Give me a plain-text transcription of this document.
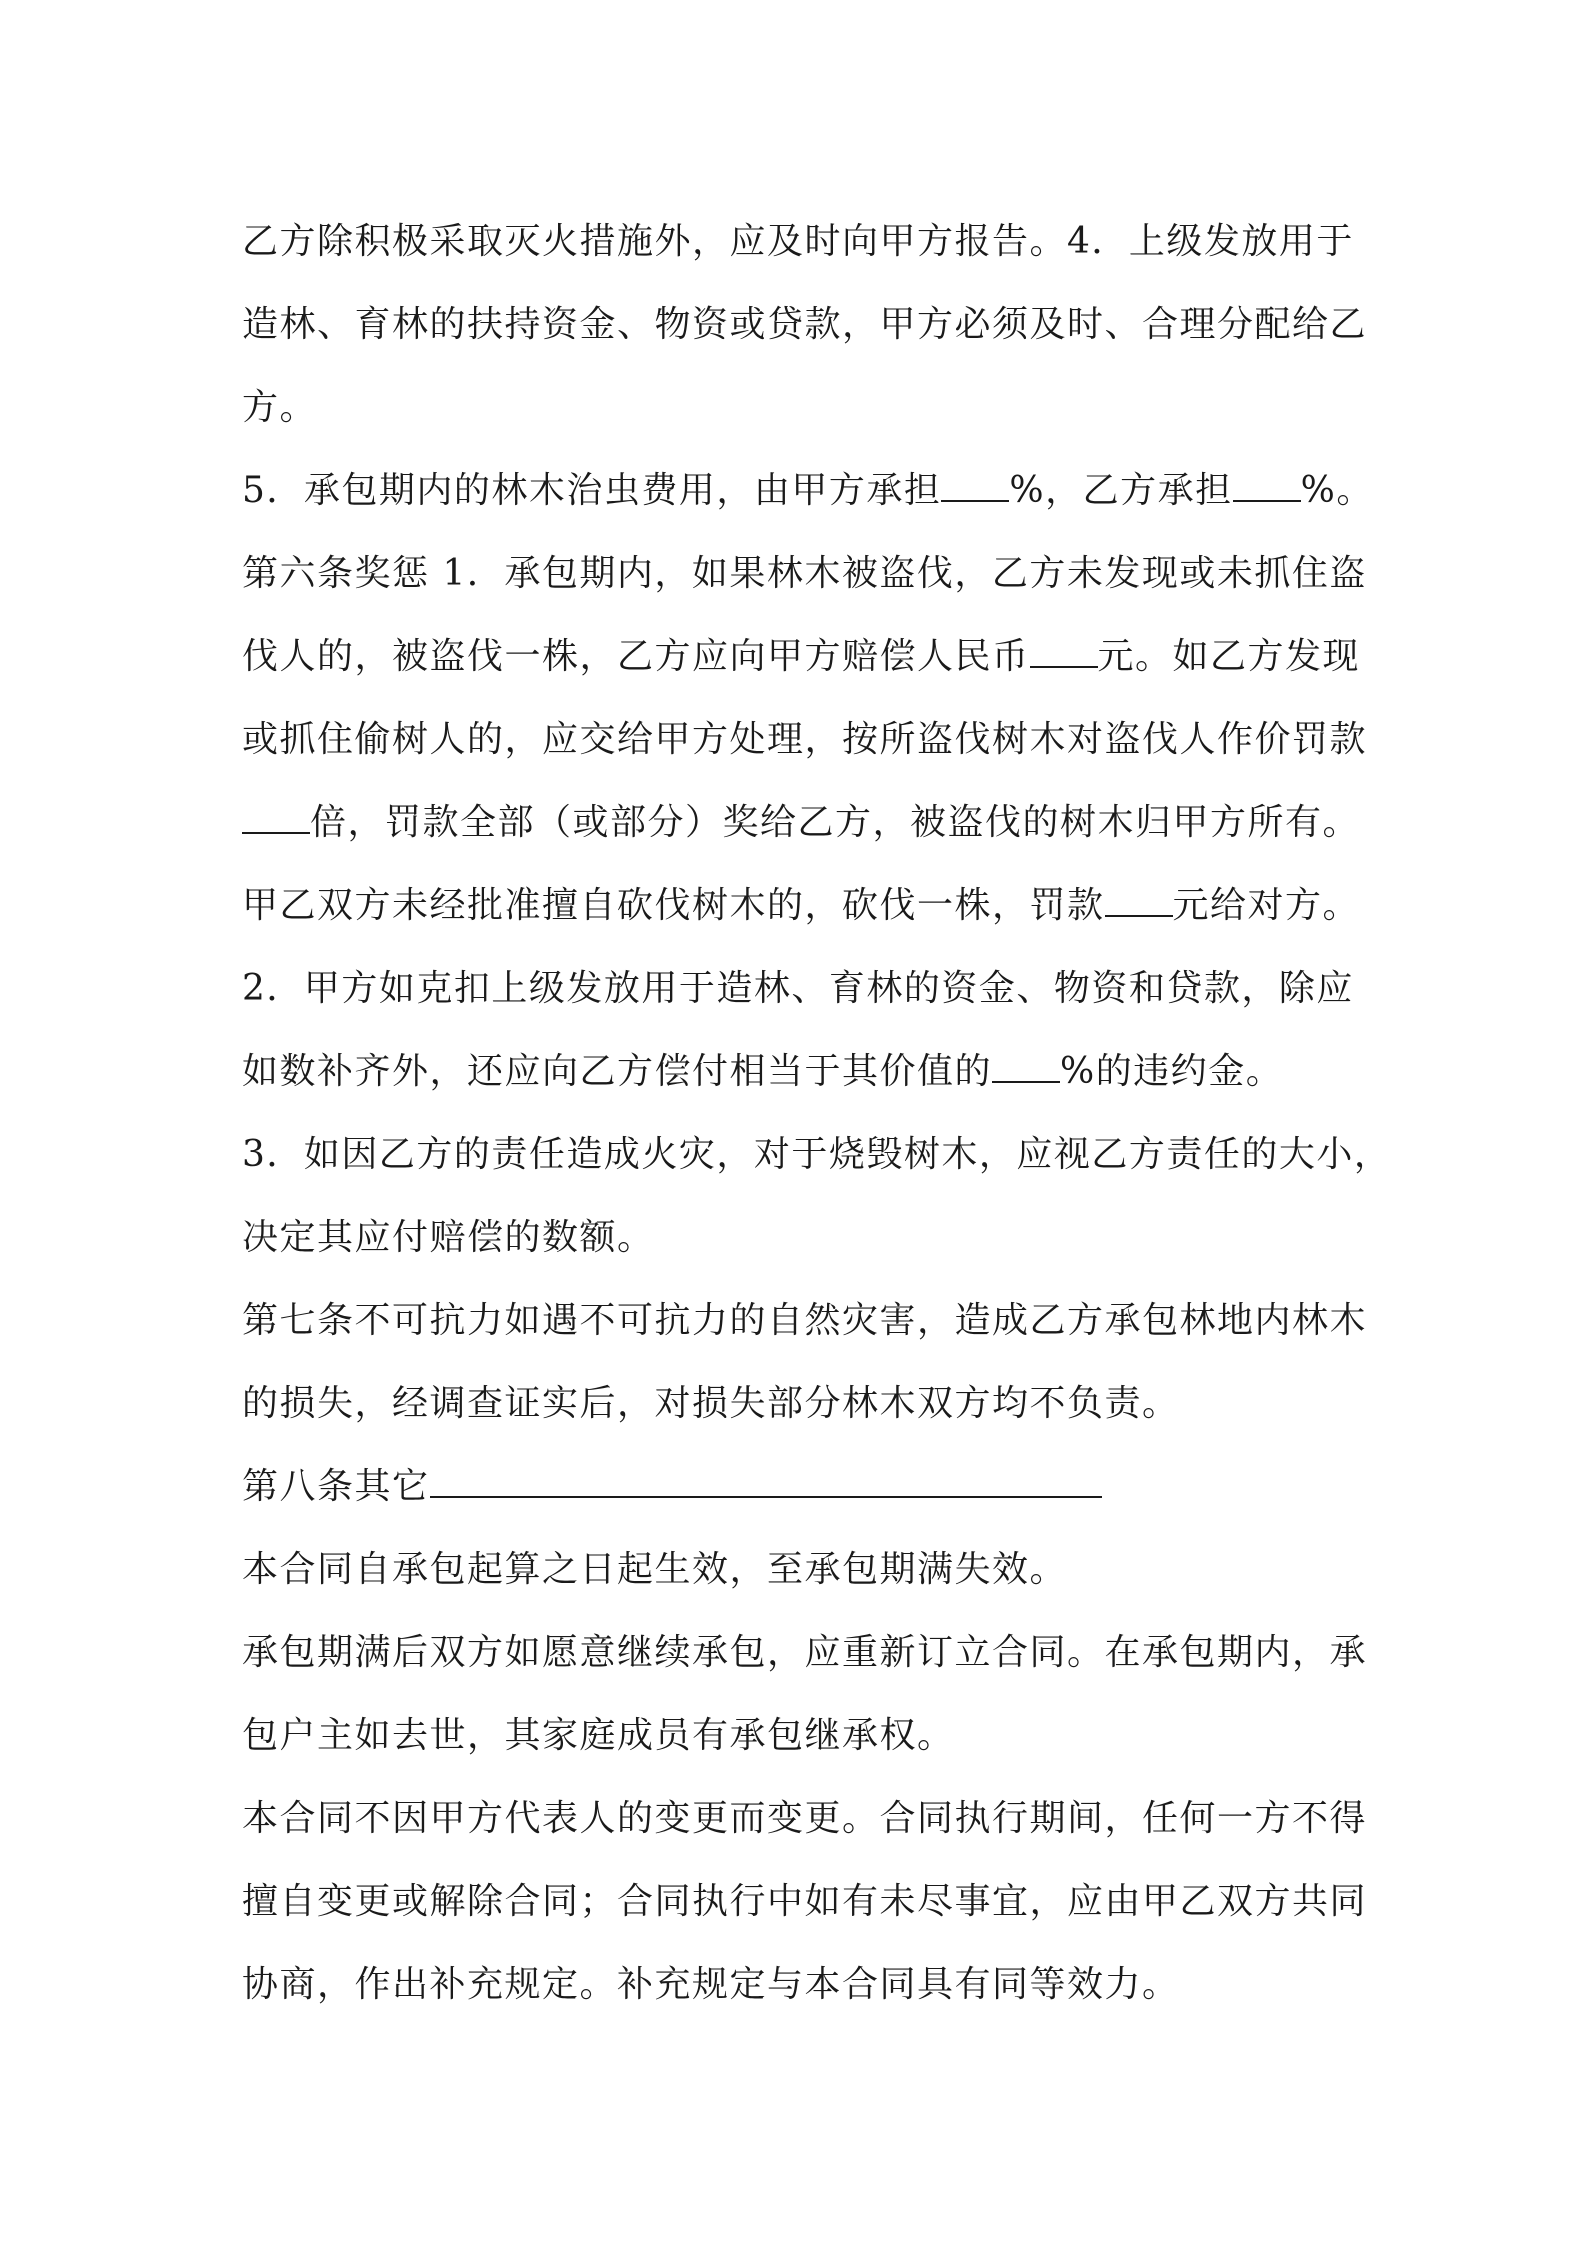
乙方除积极采取灭火措施外，应及时向甲方报告。4．上级发放用于
造林、育林的扶持资金、物资或贷款，甲方必须及时、合理分配给乙
方。

5．承包期内的林木治虫费用，由甲方承担 %，乙方承担 %。

第六条奖惩 1．承包期内，如果林木被盗伐，乙方未发现或未抓住盗
伐人的，被盗伐一株，乙方应向甲方赔偿人民币 元。如乙方发现
或抓住偷树人的，应交给甲方处理，按所盗伐树木对盗伐人作价罚款
倍，罚款全部（或部分）奖给乙方，被盗伐的树木归甲方所有。

甲乙双方未经批准擅自砍伐树木的，砍伐一株，罚款 元给对方。

2．甲方如克扣上级发放用于造林、育林的资金、物资和贷款，除应
如数补齐外，还应向乙方偿付相当于其价值的 %的违约金。

3．如因乙方的责任造成火灾，对于烧毁树木，应视乙方责任的大小，
决定其应付赔偿的数额。

第七条不可抗力如遇不可抗力的自然灾害，造成乙方承包林地内林木
的损失，经调查证实后，对损失部分林木双方均不负责。

第八条其它

本合同自承包起算之日起生效，至承包期满失效。

承包期满后双方如愿意继续承包，应重新订立合同。在承包期内，承
包户主如去世，其家庭成员有承包继承权。

本合同不因甲方代表人的变更而变更。合同执行期间，任何一方不得
擅自变更或解除合同；合同执行中如有未尽事宜，应由甲乙双方共同
协商，作出补充规定。补充规定与本合同具有同等效力。
